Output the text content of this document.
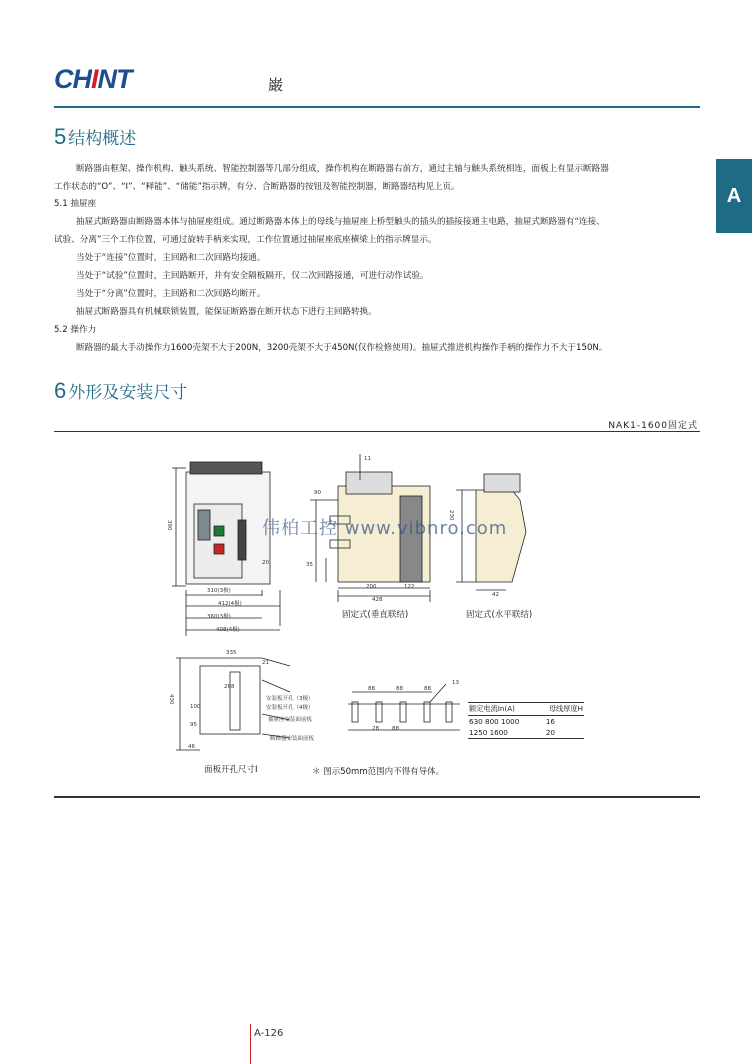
CHINT	巌
A
5 结构概述
断路器由框架、操作机构、触头系统、智能控制器等几部分组成，操作机构在断路器右前方，通过主轴与触头系统相连，面板上有显示断路器
工作状态的“O”、“I”、“释能”、“储能”指示牌，有分、合断路器的按钮及智能控制器，断路器结构见上页。
5.1 抽屉座
抽屉式断路器由断路器本体与抽屉座组成。通过断路器本体上的母线与抽屉座上桥型触头的插头的插接接通主电路，抽屉式断路器有“连接、
试验、分离”三个工作位置，可通过旋转手柄来实现，工作位置通过抽屉座底座横梁上的指示牌显示。
当处于“连接”位置时，主回路和二次回路均接通。
当处于“试验”位置时，主回路断开，并有安全隔板隔开，仅二次回路接通，可进行动作试验。
当处于“分离”位置时，主回路和二次回路均断开。
抽屉式断路器具有机械联锁装置，能保证断路器在断开状态下进行主回路转换。
5.2 操作力
断路器的最大手动操作力1600壳架不大于200N，3200壳架不大于450N(仅作检修使用)。抽屉式推进机构操作手柄的操作力不大于150N。
6 外形及安装尺寸
NAK1-1600固定式
310(3极)
412(4极)
360(3极)
408(4极)
390
20
11
90
200	122
428
35
230
42
固定式(垂直联结)	固定式(水平联结)
335
268
430
46
21
100
95
安装板开孔（3极）
安装板开孔（4极）
抽屉座安装面前板
断路器安装面前板
面板开孔尺寸I
88	88	88
28 88
13
＊ 图示50mm范围内不得有导体。
额定电流In(A)	母线厚度H
630 800 1000	16
1250 1600	20
伟柏工控 www.vibnro.com
A-126
